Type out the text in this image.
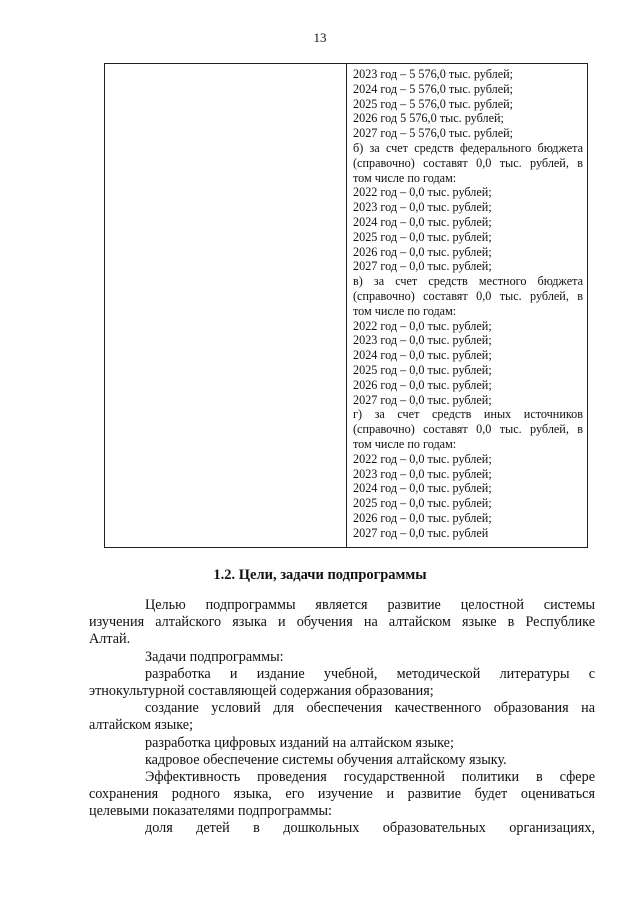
13
2023 год – 5 576,0 тыс. рублей;
2024 год – 5 576,0 тыс. рублей;
2025 год – 5 576,0 тыс. рублей;
2026 год 5 576,0 тыс. рублей;
2027 год – 5 576,0 тыс. рублей;
б) за счет средств федерального бюджета
(справочно) составят 0,0 тыс. рублей, в
том числе по годам:
2022 год – 0,0 тыс. рублей;
2023 год – 0,0 тыс. рублей;
2024 год – 0,0 тыс. рублей;
2025 год – 0,0 тыс. рублей;
2026 год – 0,0 тыс. рублей;
2027 год – 0,0 тыс. рублей;
в) за счет средств местного бюджета
(справочно) составят 0,0 тыс. рублей, в
том числе по годам:
2022 год – 0,0 тыс. рублей;
2023 год – 0,0 тыс. рублей;
2024 год – 0,0 тыс. рублей;
2025 год – 0,0 тыс. рублей;
2026 год – 0,0 тыс. рублей;
2027 год – 0,0 тыс. рублей;
г) за счет средств иных источников
(справочно) составят 0,0 тыс. рублей, в
том числе по годам:
2022 год – 0,0 тыс. рублей;
2023 год – 0,0 тыс. рублей;
2024 год – 0,0 тыс. рублей;
2025 год – 0,0 тыс. рублей;
2026 год – 0,0 тыс. рублей;
2027 год – 0,0 тыс. рублей
1.2. Цели, задачи подпрограммы
Целью подпрограммы является развитие целостной системы
изучения алтайского языка и обучения на алтайском языке в Республике
Алтай.
Задачи подпрограммы:
разработка и издание учебной, методической литературы с
этнокультурной составляющей содержания образования;
создание условий для обеспечения качественного образования на
алтайском языке;
разработка цифровых изданий на алтайском языке;
кадровое обеспечение системы обучения алтайскому языку.
Эффективность проведения государственной политики в сфере
сохранения родного языка, его изучение и развитие будет оцениваться
целевыми показателями подпрограммы:
доля детей в дошкольных образовательных организациях,
